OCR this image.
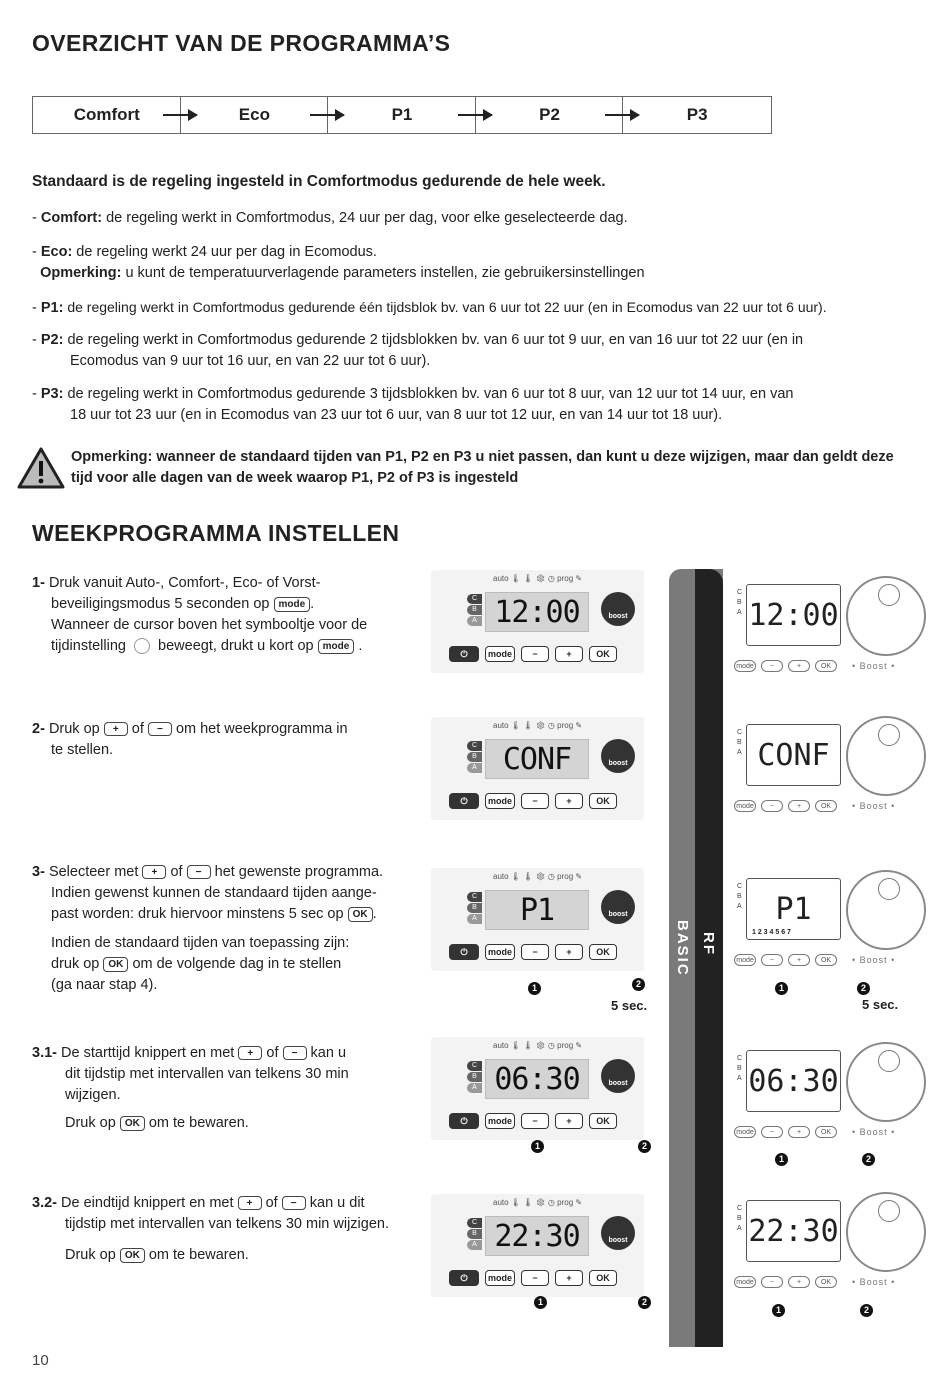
OVERZICHT VAN DE PROGRAMMA’S
Comfort	Eco	P1	P2	P3
Standaard is de regeling ingesteld in Comfortmodus gedurende de hele week.
- Comfort: de regeling werkt in Comfortmodus, 24 uur per dag, voor elke geselecteerde dag.
- Eco: de regeling werkt 24 uur per dag in Ecomodus.
Opmerking: u kunt de temperatuurverlagende parameters instellen, zie gebruikersinstellingen
- P1: de regeling werkt in Comfortmodus gedurende één tijdsblok bv. van 6 uur tot 22 uur (en in Ecomodus van 22 uur tot 6 uur).
- P2: de regeling werkt in Comfortmodus gedurende 2 tijdsblokken bv. van 6 uur tot 9 uur, en van 16 uur tot 22 uur (en in
Ecomodus van 9 uur tot 16 uur, en van 22 uur tot 6 uur).
- P3: de regeling werkt in Comfortmodus gedurende 3 tijdsblokken bv. van 6 uur tot 8 uur, van 12 uur tot 14 uur, en van
18 uur tot 23 uur (en in Ecomodus van 23 uur tot 6 uur, van 8 uur tot 12 uur, en van 14 uur tot 18 uur).
Opmerking: wanneer de standaard tijden van P1, P2 en P3 u niet passen, dan kunt u deze wijzigen, maar dan geldt deze tijd voor alle dagen van de week waarop P1, P2 of P3 is ingesteld
WEEKPROGRAMMA INSTELLEN
1- Druk vanuit Auto-, Comfort-, Eco- of Vorst-
beveiligingsmodus 5 seconden op mode .
Wanneer de cursor boven het symbooltje voor de
tijdinstelling beweegt, drukt u kort op mode .
2- Druk op + of − om het weekprogramma in
te stellen.
3- Selecteer met + of − het gewenste programma.
Indien gewenst kunnen de standaard tijden aange-
past worden: druk hiervoor minstens 5 sec op OK .
Indien de standaard tijden van toepassing zijn:
druk op OK om de volgende dag in te stellen
(ga naar stap 4).
3.1- De starttijd knippert en met + of − kan u
dit tijdstip met intervallen van telkens 30 min
wijzigen.
Druk op OK om te bewaren.
3.2- De eindtijd knippert en met + of − kan u dit
tijdstip met intervallen van telkens 30 min wijzigen.
Druk op OK om te bewaren.
auto 🌡 🌡 ❄ ◷ prog ✎
C
B
A 12:00	boost
⏻	mode	−	+	OK
auto 🌡 🌡 ❄ ◷ prog ✎
C
B
A CONF	boost
⏻	mode	−	+	OK
auto 🌡 🌡 ❄ ◷ prog ✎
C
B
A	P1	boost
⏻	mode	−	+	OK
auto 🌡 🌡 ❄ ◷ prog ✎
C
B
A 06:30	boost
⏻	mode	−	+	OK
auto 🌡 🌡 ❄ ◷ prog ✎
C
B
A 22:30	boost
⏻	mode	−	+	OK
1	2
5 sec.
1	2
1	2
BASIC RF
C
B
A 12:00
mode	−	+	OK	• Boost •
C
B
A CONF
mode	−	+	OK	• Boost •
C
B
A	P1
1 2 3 4 5 6 7
mode	−	+	OK	• Boost •
C
B
A 06:30
mode	−	+	OK	• Boost •
C
B
A 22:30
mode	−	+	OK	• Boost •
1	2
5 sec.
1	2
1	2
10
